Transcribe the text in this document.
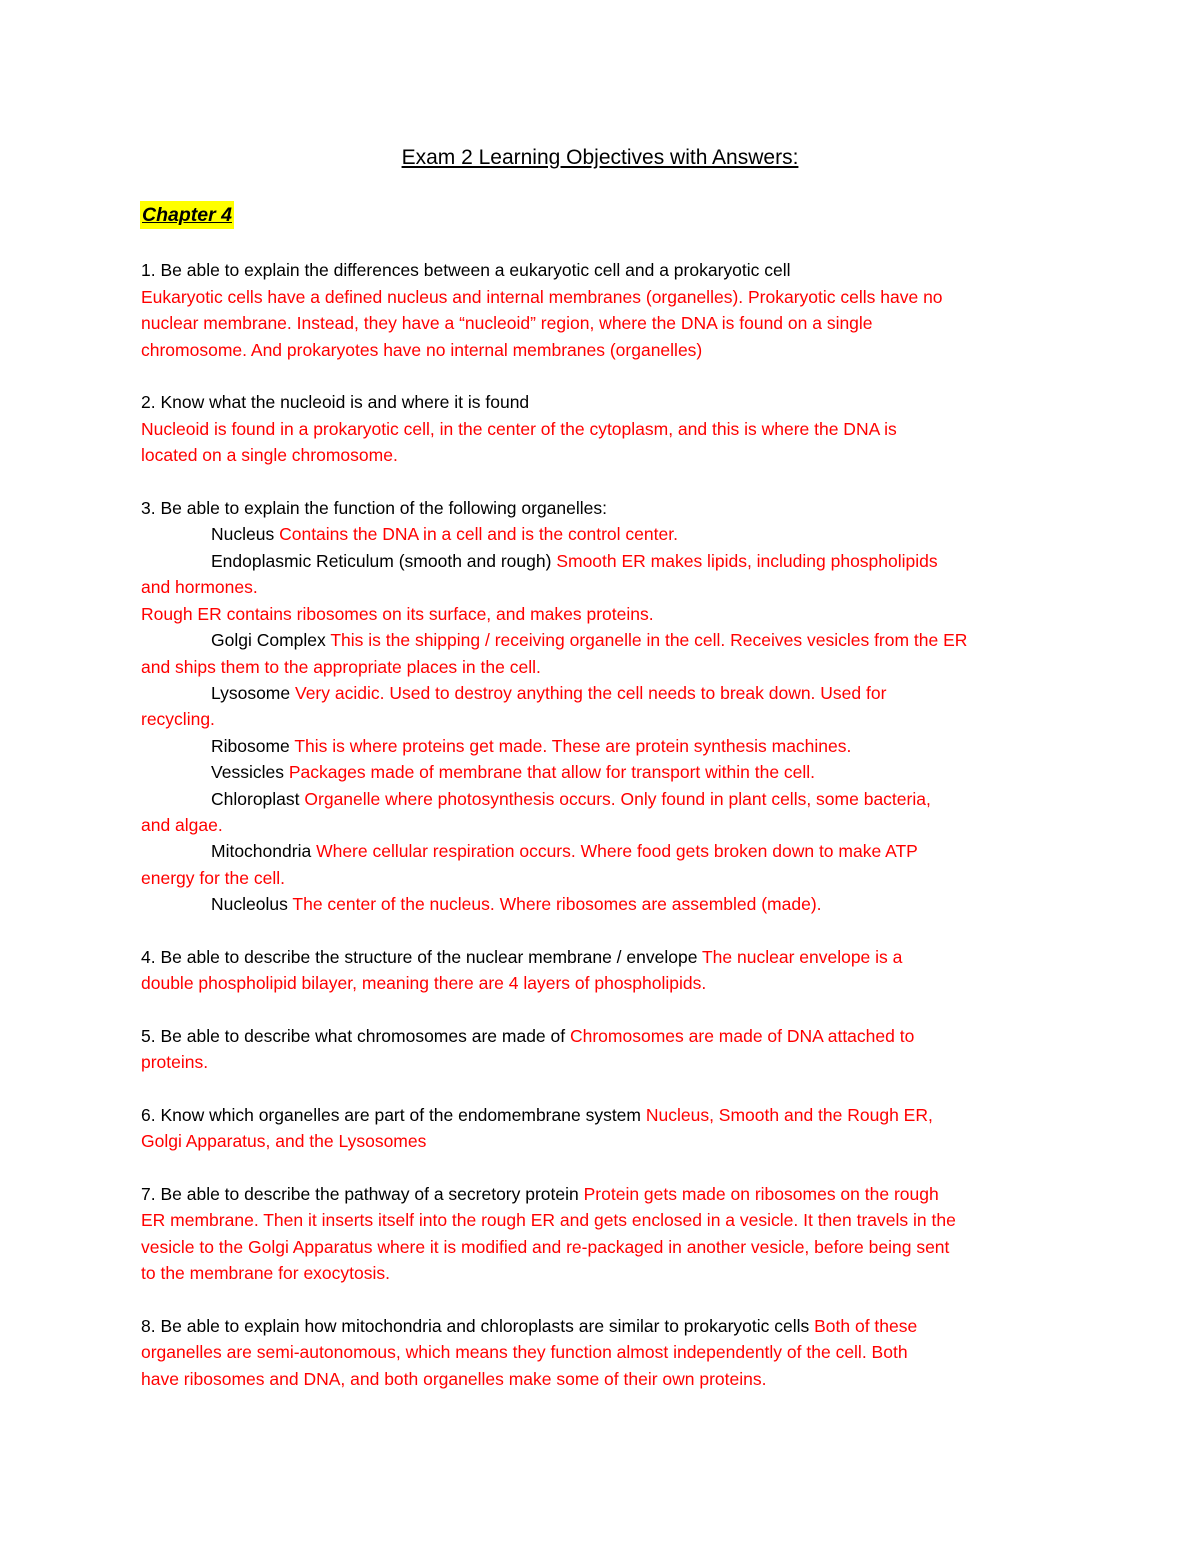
Exam 2 Learning Objectives with Answers:
Chapter 4
1. Be able to explain the differences between a eukaryotic cell and a prokaryotic cell
Eukaryotic cells have a defined nucleus and internal membranes (organelles). Prokaryotic cells have no
nuclear membrane. Instead, they have a “nucleoid” region, where the DNA is found on a single
chromosome. And prokaryotes have no internal membranes (organelles)
2. Know what the nucleoid is and where it is found
Nucleoid is found in a prokaryotic cell, in the center of the cytoplasm, and this is where the DNA is
located on a single chromosome.
3. Be able to explain the function of the following organelles:
Nucleus Contains the DNA in a cell and is the control center.
Endoplasmic Reticulum (smooth and rough) Smooth ER makes lipids, including phospholipids
and hormones.
Rough ER contains ribosomes on its surface, and makes proteins.
Golgi Complex This is the shipping / receiving organelle in the cell. Receives vesicles from the ER
and ships them to the appropriate places in the cell.
Lysosome Very acidic. Used to destroy anything the cell needs to break down. Used for
recycling.
Ribosome This is where proteins get made. These are protein synthesis machines.
Vessicles Packages made of membrane that allow for transport within the cell.
Chloroplast Organelle where photosynthesis occurs. Only found in plant cells, some bacteria,
and algae.
Mitochondria Where cellular respiration occurs. Where food gets broken down to make ATP
energy for the cell.
Nucleolus The center of the nucleus. Where ribosomes are assembled (made).
4. Be able to describe the structure of the nuclear membrane / envelope The nuclear envelope is a
double phospholipid bilayer, meaning there are 4 layers of phospholipids.
5. Be able to describe what chromosomes are made of Chromosomes are made of DNA attached to
proteins.
6. Know which organelles are part of the endomembrane system Nucleus, Smooth and the Rough ER,
Golgi Apparatus, and the Lysosomes
7. Be able to describe the pathway of a secretory protein Protein gets made on ribosomes on the rough
ER membrane. Then it inserts itself into the rough ER and gets enclosed in a vesicle. It then travels in the
vesicle to the Golgi Apparatus where it is modified and re-packaged in another vesicle, before being sent
to the membrane for exocytosis.
8. Be able to explain how mitochondria and chloroplasts are similar to prokaryotic cells Both of these
organelles are semi-autonomous, which means they function almost independently of the cell. Both
have ribosomes and DNA, and both organelles make some of their own proteins.
